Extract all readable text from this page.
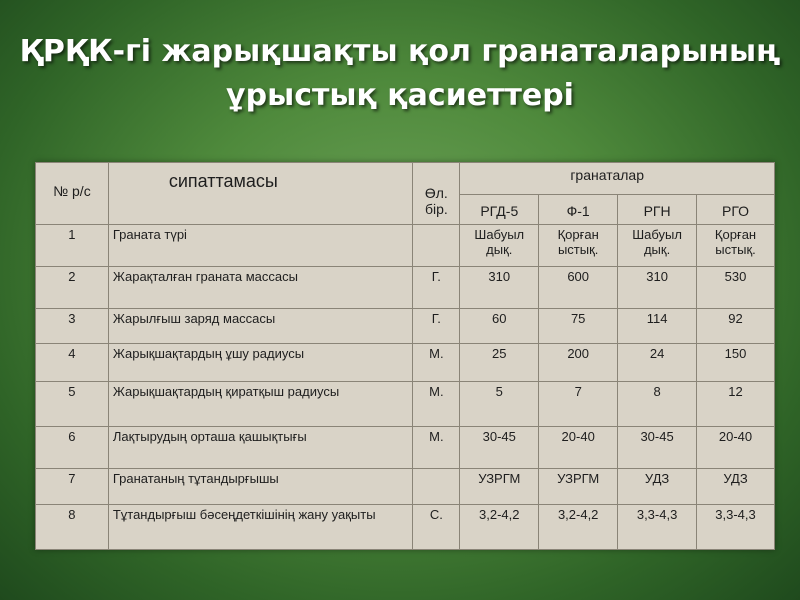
ҚРҚК-гі жарықшақты қол гранаталарының
ұрыстық қасиеттері
№ р/с	сипаттамасы	Өл. бір.	гранаталар			
			РГД-5	Ф-1	РГН	РГО
1	Граната түрі		Шабуыл дық.	Қорған ыстық.	Шабуыл дық.	Қорған ыстық.
2	Жарақталған граната массасы	Г.	310	600	310	530
3	Жарылғыш заряд массасы	Г.	60	75	114	92
4	Жарықшақтардың ұшу радиусы	М.	25	200	24	150
5	Жарықшақтардың қиратқыш радиусы	М.	5	7	8	12
6	Лақтырудың орташа қашықтығы	М.	30-45	20-40	30-45	20-40
7	Гранатаның тұтандырғышы		УЗРГМ	УЗРГМ	УДЗ	УДЗ
8	Тұтандырғыш бәсеңдеткішінің жану уақыты	С.	3,2-4,2	3,2-4,2	3,3-4,3	3,3-4,3
